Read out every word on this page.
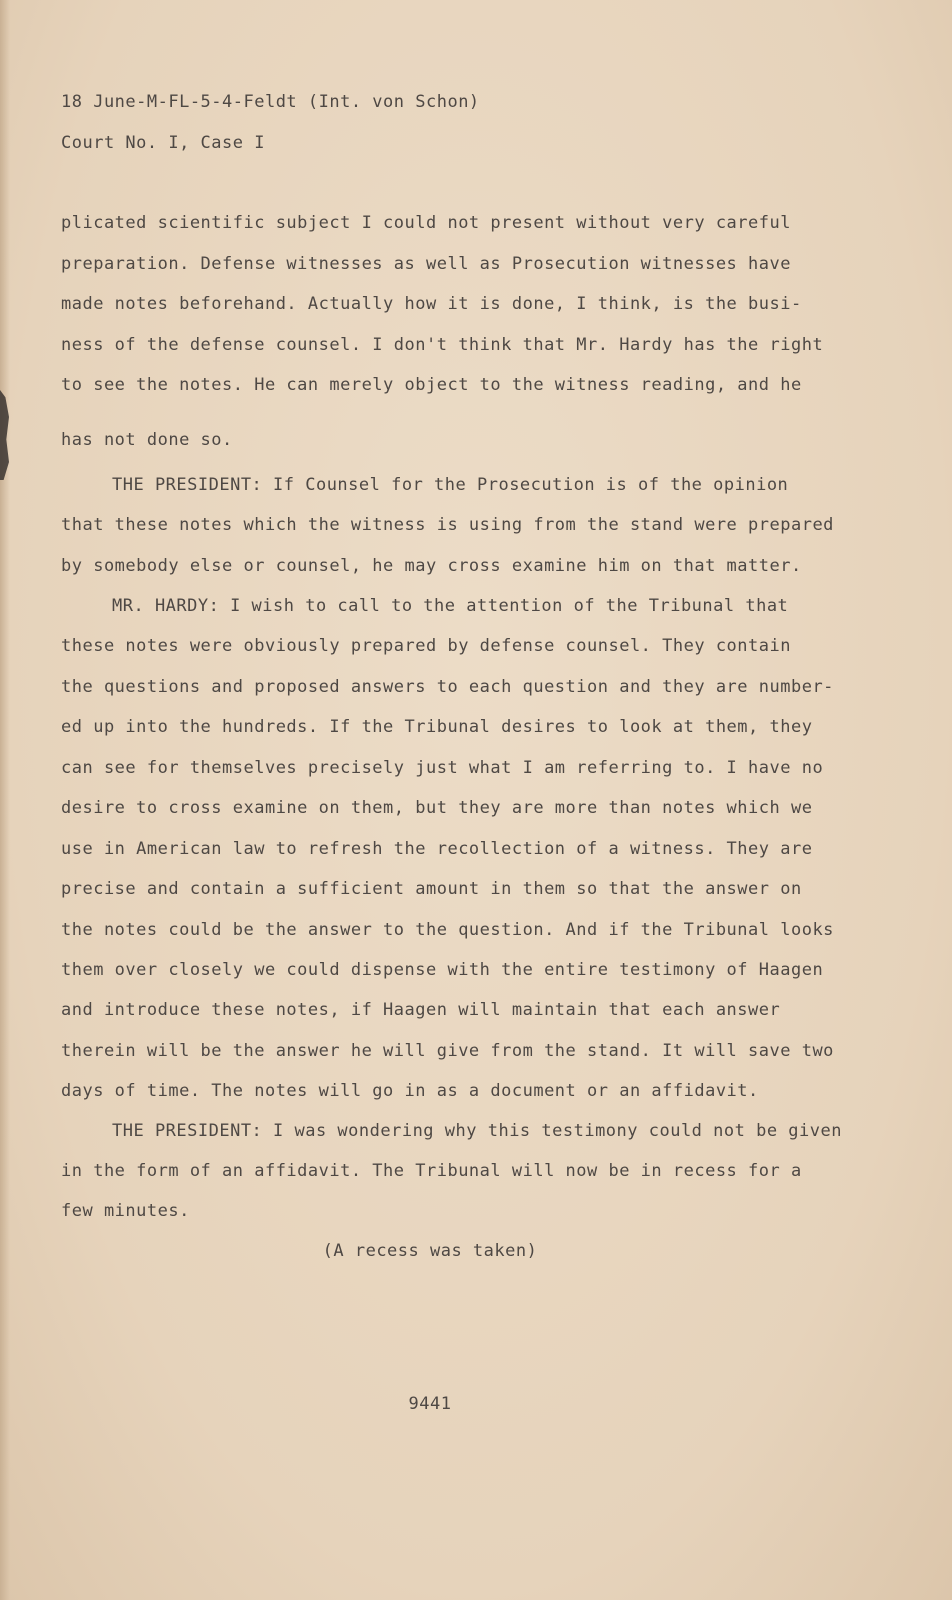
18 June-M-FL-5-4-Feldt (Int. von Schon)
Court No. I, Case I
plicated scientific subject I could not present without very careful
preparation. Defense witnesses as well as Prosecution witnesses have
made notes beforehand. Actually how it is done, I think, is the busi-
ness of the defense counsel. I don't think that Mr. Hardy has the right
to see the notes. He can merely object to the witness reading, and he
has not done so.
THE PRESIDENT: If Counsel for the Prosecution is of the opinion
that these notes which the witness is using from the stand were prepared
by somebody else or counsel, he may cross examine him on that matter.
MR. HARDY: I wish to call to the attention of the Tribunal that
these notes were obviously prepared by defense counsel. They contain
the questions and proposed answers to each question and they are number-
ed up into the hundreds. If the Tribunal desires to look at them, they
can see for themselves precisely just what I am referring to. I have no
desire to cross examine on them, but they are more than notes which we
use in American law to refresh the recollection of a witness. They are
precise and contain a sufficient amount in them so that the answer on
the notes could be the answer to the question. And if the Tribunal looks
them over closely we could dispense with the entire testimony of Haagen
and introduce these notes, if Haagen will maintain that each answer
therein will be the answer he will give from the stand. It will save two
days of time. The notes will go in as a document or an affidavit.
THE PRESIDENT: I was wondering why this testimony could not be given
in the form of an affidavit. The Tribunal will now be in recess for a
few minutes.
(A recess was taken)
9441
